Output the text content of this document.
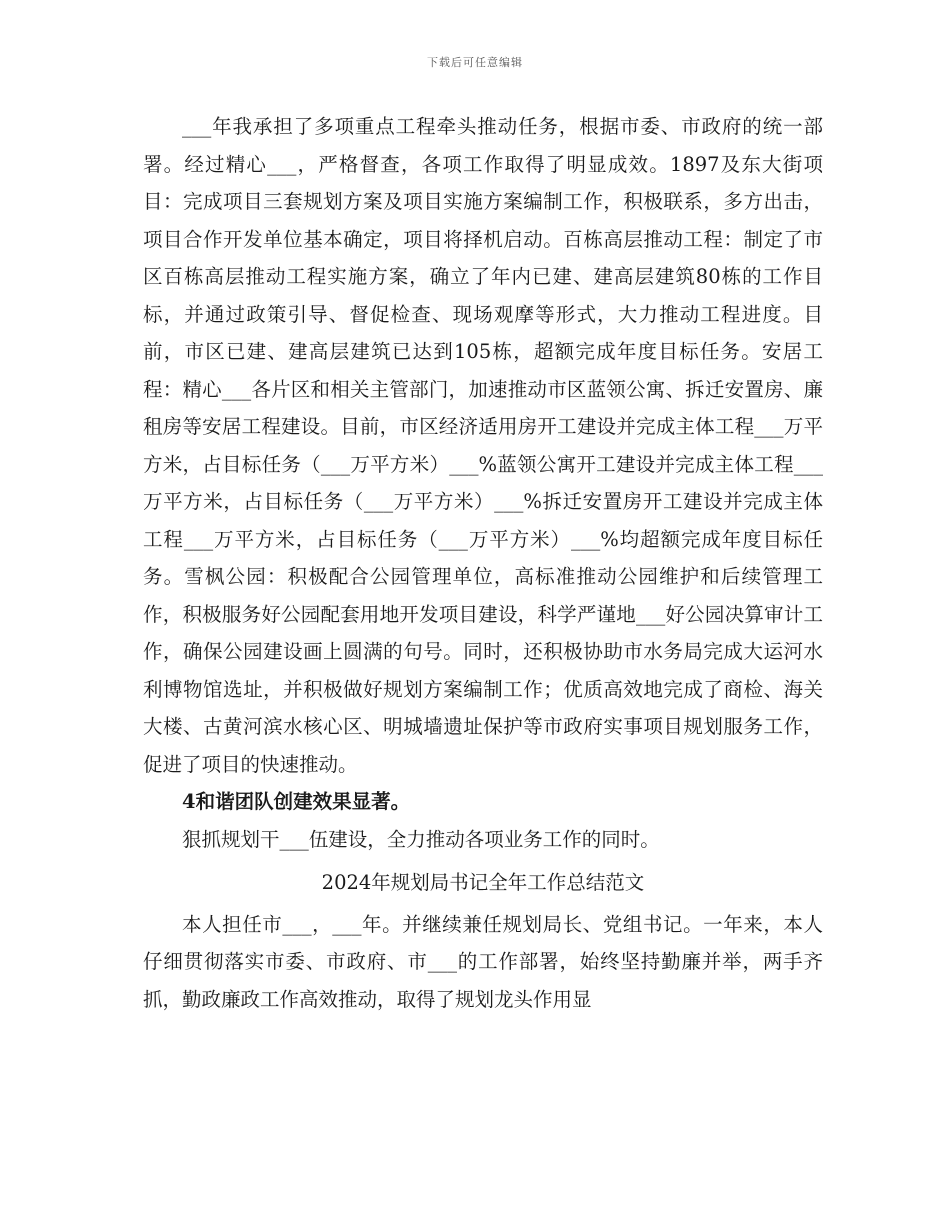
下载后可任意编辑

___年我承担了多项重点工程牵头推动任务，根据市委、市政府的统一部署。经过精心___，严格督查，各项工作取得了明显成效。1897及东大街项目：完成项目三套规划方案及项目实施方案编制工作，积极联系，多方出击，项目合作开发单位基本确定，项目将择机启动。百栋高层推动工程：制定了市区百栋高层推动工程实施方案，确立了年内已建、建高层建筑80栋的工作目标，并通过政策引导、督促检查、现场观摩等形式，大力推动工程进度。目前，市区已建、建高层建筑已达到105栋，超额完成年度目标任务。安居工程：精心___各片区和相关主管部门，加速推动市区蓝领公寓、拆迁安置房、廉租房等安居工程建设。目前，市区经济适用房开工建设并完成主体工程___万平方米，占目标任务（___万平方米）___%蓝领公寓开工建设并完成主体工程___万平方米，占目标任务（___万平方米）___%拆迁安置房开工建设并完成主体工程___万平方米，占目标任务（___万平方米）___%均超额完成年度目标任务。雪枫公园：积极配合公园管理单位，高标准推动公园维护和后续管理工作，积极服务好公园配套用地开发项目建设，科学严谨地___好公园决算审计工作，确保公园建设画上圆满的句号。同时，还积极协助市水务局完成大运河水利博物馆选址，并积极做好规划方案编制工作；优质高效地完成了商检、海关大楼、古黄河滨水核心区、明城墙遗址保护等市政府实事项目规划服务工作，促进了项目的快速推动。

4和谐团队创建效果显著。

狠抓规划干___伍建设，全力推动各项业务工作的同时。

2024年规划局书记全年工作总结范文

本人担任市___，___年。并继续兼任规划局长、党组书记。一年来，本人仔细贯彻落实市委、市政府、市___的工作部署，始终坚持勤廉并举，两手齐抓，勤政廉政工作高效推动，取得了规划龙头作用显
